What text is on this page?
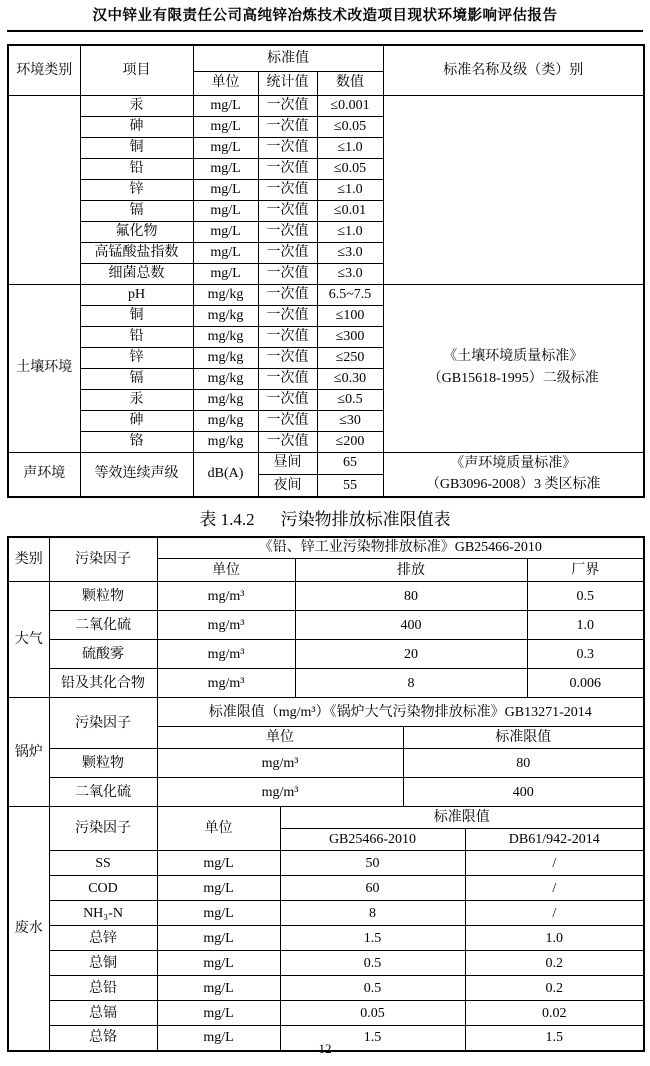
汉中锌业有限责任公司高纯锌冶炼技术改造项目现状环境影响评估报告
环境类别	项目	标准值			标准名称及级（类）别
		单位	统计值	数值	
	汞	mg/L	一次值	≤0.001	
	砷	mg/L	一次值	≤0.05	
	铜	mg/L	一次值	≤1.0	
	铅	mg/L	一次值	≤0.05	
	锌	mg/L	一次值	≤1.0	
	镉	mg/L	一次值	≤0.01	
	氟化物	mg/L	一次值	≤1.0	
	高锰酸盐指数	mg/L	一次值	≤3.0	
	细菌总数	mg/L	一次值	≤3.0	
土壤环境	pH	mg/kg	一次值	6.5~7.5	《土壤环境质量标准》
（GB15618-1995）二级标准

	铜	mg/kg	一次值	≤100	
	铅	mg/kg	一次值	≤300	
	锌	mg/kg	一次值	≤250	
	镉	mg/kg	一次值	≤0.30	
	汞	mg/kg	一次值	≤0.5	
	砷	mg/kg	一次值	≤30	
	铬	mg/kg	一次值	≤200	
声环境	等效连续声级	dB(A)	昼间	65	《声环境质量标准》
（GB3096-2008）3 类区标准

			夜间	55	
表 1.4.2 污染物排放标准限值表
类别	污染因子	《铅、锌工业污染物排放标准》GB25466-2010					
		单位		排放			厂界
大气	颗粒物	mg/m³		80			0.5
	二氧化硫	mg/m³		400			1.0
	硫酸雾	mg/m³		20			0.3
	铅及其化合物	mg/m³		8			0.006
锅炉	污染因子	标准限值（mg/m³）《锅炉大气污染物排放标准》GB13271-2014					
		单位			标准限值		
	颗粒物	mg/m³			80		
	二氧化硫	mg/m³			400		
废水	污染因子	单位	标准限值				
			GB25466-2010			DB61/942-2014	
	SS	mg/L	50			/	
	COD	mg/L	60			/	
	NH₃-N	mg/L	8			/	
	总锌	mg/L	1.5			1.0	
	总铜	mg/L	0.5			0.2	
	总铅	mg/L	0.5			0.2	
	总镉	mg/L	0.05			0.02	
	总铬	mg/L	1.5			1.5	
12
